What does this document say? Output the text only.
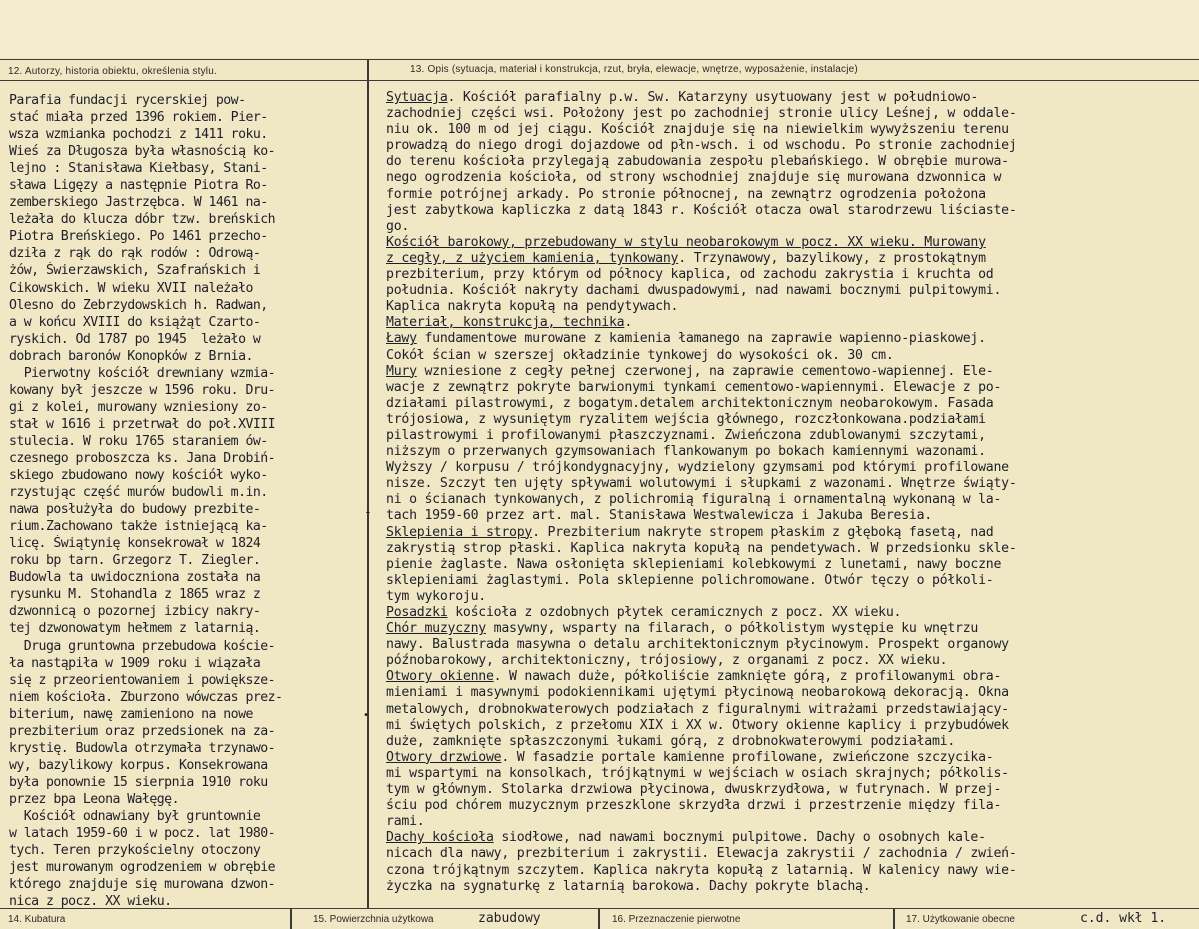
12. Autorzy, historia obiektu, określenia stylu.	13. Opis (sytuacja, materiał i konstrukcja, rzut, bryła, elewacje, wnętrze, wyposażenie, instalacje)
Parafia fundacji rycerskiej pow-
stać miała przed 1396 rokiem. Pier-
wsza wzmianka pochodzi z 1411 roku.
Wieś za Długosza była własnością ko-
lejno : Stanisława Kiełbasy, Stani-
sława Ligęzy a następnie Piotra Ro-
zemberskiego Jastrzębca. W 1461 na-
leżała do klucza dóbr tzw. breńskich
Piotra Breńskiego. Po 1461 przecho-
dziła z rąk do rąk rodów : Odrową-
żów, Świerzawskich, Szafrańskich i
Cikowskich. W wieku XVII należało
Olesno do Zebrzydowskich h. Radwan,
a w końcu XVIII do książąt Czarto-
ryskich. Od 1787 po 1945  leżało w
dobrach baronów Konopków z Brnia.
Pierwotny kościół drewniany wzmia-
kowany był jeszcze w 1596 roku. Dru-
gi z kolei, murowany wzniesiony zo-
stał w 1616 i przetrwał do poł.XVIII
stulecia. W roku 1765 staraniem ów-
czesnego proboszcza ks. Jana Drobiń-
skiego zbudowano nowy kościół wyko-
rzystując część murów budowli m.in.
nawa posłużyła do budowy prezbite-
rium.Zachowano także istniejącą ka-
licę. Świątynię konsekrował w 1824
roku bp tarn. Grzegorz T. Ziegler.
Budowla ta uwidoczniona została na
rysunku M. Stohandla z 1865 wraz z
dzwonnicą o pozornej izbicy nakry-
tej dzwonowatym hełmem z latarnią.
Druga gruntowna przebudowa koście-
ła nastąpiła w 1909 roku i wiązała
się z przeorientowaniem i powiększe-
niem kościoła. Zburzono wówczas prez-
biterium, nawę zamieniono na nowe
prezbiterium oraz przedsionek na za-
krystię. Budowla otrzymała trzynawo-
wy, bazylikowy korpus. Konsekrowana
była ponownie 15 sierpnia 1910 roku
przez bpa Leona Wałęgę.
Kościół odnawiany był gruntownie
w latach 1959-60 i w pocz. lat 1980-
tych. Teren przykościelny otoczony
jest murowanym ogrodzeniem w obrębie
którego znajduje się murowana dzwon-
nica z pocz. XX wieku.
Sytuacja. Kościół parafialny p.w. Św. Katarzyny usytuowany jest w południowo-
zachodniej części wsi. Położony jest po zachodniej stronie ulicy Leśnej, w oddale-
niu ok. 100 m od jej ciągu. Kościół znajduje się na niewielkim wywyższeniu terenu
prowadzą do niego drogi dojazdowe od płn-wsch. i od wschodu. Po stronie zachodniej
do terenu kościoła przylegają zabudowania zespołu plebańskiego. W obrębie murowa-
nego ogrodzenia kościoła, od strony wschodniej znajduje się murowana dzwonnica w
formie potrójnej arkady. Po stronie północnej, na zewnątrz ogrodzenia położona
jest zabytkowa kapliczka z datą 1843 r. Kościół otacza owal starodrzewu liściaste-
go.
Kościół barokowy, przebudowany w stylu neobarokowym w pocz. XX wieku. Murowany
z cegły, z użyciem kamienia, tynkowany. Trzynawowy, bazylikowy, z prostokątnym
prezbiterium, przy którym od północy kaplica, od zachodu zakrystia i kruchta od
południa. Kościół nakryty dachami dwuspadowymi, nad nawami bocznymi pulpitowymi.
Kaplica nakryta kopułą na pendytywach.
Materiał, konstrukcja, technika.
Ławy fundamentowe murowane z kamienia łamanego na zaprawie wapienno-piaskowej.
Cokół ścian w szerszej okładzinie tynkowej do wysokości ok. 30 cm.
Mury wzniesione z cegły pełnej czerwonej, na zaprawie cementowo-wapiennej. Ele-
wacje z zewnątrz pokryte barwionymi tynkami cementowo-wapiennymi. Elewacje z po-
działami pilastrowymi, z bogatym.detalem architektonicznym neobarokowym. Fasada
trójosiowa, z wysuniętym ryzalitem wejścia głównego, rozczłonkowana.podziałami
pilastrowymi i profilowanymi płaszczyznami. Zwieńczona zdublowanymi szczytami,
niższym o przerwanych gzymsowaniach flankowanym po bokach kamiennymi wazonami.
Wyższy / korpusu / trójkondygnacyjny, wydzielony gzymsami pod którymi profilowane
nisze. Szczyt ten ujęty spływami wolutowymi i słupkami z wazonami. Wnętrze świąty-
ni o ścianach tynkowanych, z polichromią figuralną i ornamentalną wykonaną w la-
tach 1959-60 przez art. mal. Stanisława Westwalewicza i Jakuba Beresia.
Sklepienia i stropy. Prezbiterium nakryte stropem płaskim z głęboką fasetą, nad
zakrystią strop płaski. Kaplica nakryta kopułą na pendetywach. W przedsionku skle-
pienie żaglaste. Nawa osłonięta sklepieniami kolebkowymi z lunetami, nawy boczne
sklepieniami żaglastymi. Pola sklepienne polichromowane. Otwór tęczy o półkoli-
tym wykoroju.
Posadzki kościoła z ozdobnych płytek ceramicznych z pocz. XX wieku.
Chór muzyczny masywny, wsparty na filarach, o półkolistym występie ku wnętrzu
nawy. Balustrada masywna o detalu architektonicznym płycinowym. Prospekt organowy
późnobarokowy, architektoniczny, trójosiowy, z organami z pocz. XX wieku.
Otwory okienne. W nawach duże, półkoliście zamknięte górą, z profilowanymi obra-
mieniami i masywnymi podokiennikami ujętymi płycinową neobarokową dekoracją. Okna
metalowych, drobnokwaterowych podziałach z figuralnymi witrażami przedstawiający-
mi świętych polskich, z przełomu XIX i XX w. Otwory okienne kaplicy i przybudówek
duże, zamknięte spłaszczonymi łukami górą, z drobnokwaterowymi podziałami.
Otwory drzwiowe. W fasadzie portale kamienne profilowane, zwieńczone szczycika-
mi wspartymi na konsolkach, trójkątnymi w wejściach w osiach skrajnych; półkolis-
tym w głównym. Stolarka drzwiowa płycinowa, dwuskrzydłowa, w futrynach. W przej-
ściu pod chórem muzycznym przeszklone skrzydła drzwi i przestrzenie między fila-
rami.
Dachy kościoła siodłowe, nad nawami bocznymi pulpitowe. Dachy o osobnych kale-
nicach dla nawy, prezbiterium i zakrystii. Elewacja zakrystii / zachodnia / zwień-
czona trójkątnym szczytem. Kaplica nakryta kopułą z latarnią. W kalenicy nawy wie-
życzka na sygnaturkę z latarnią barokowa. Dachy pokryte blachą.
-
•
14. Kubatura	15. Powierzchnia użytkowa	zabudowy	16. Przeznaczenie pierwotne	17. Użytkowanie obecne	c.d. wkł 1.
